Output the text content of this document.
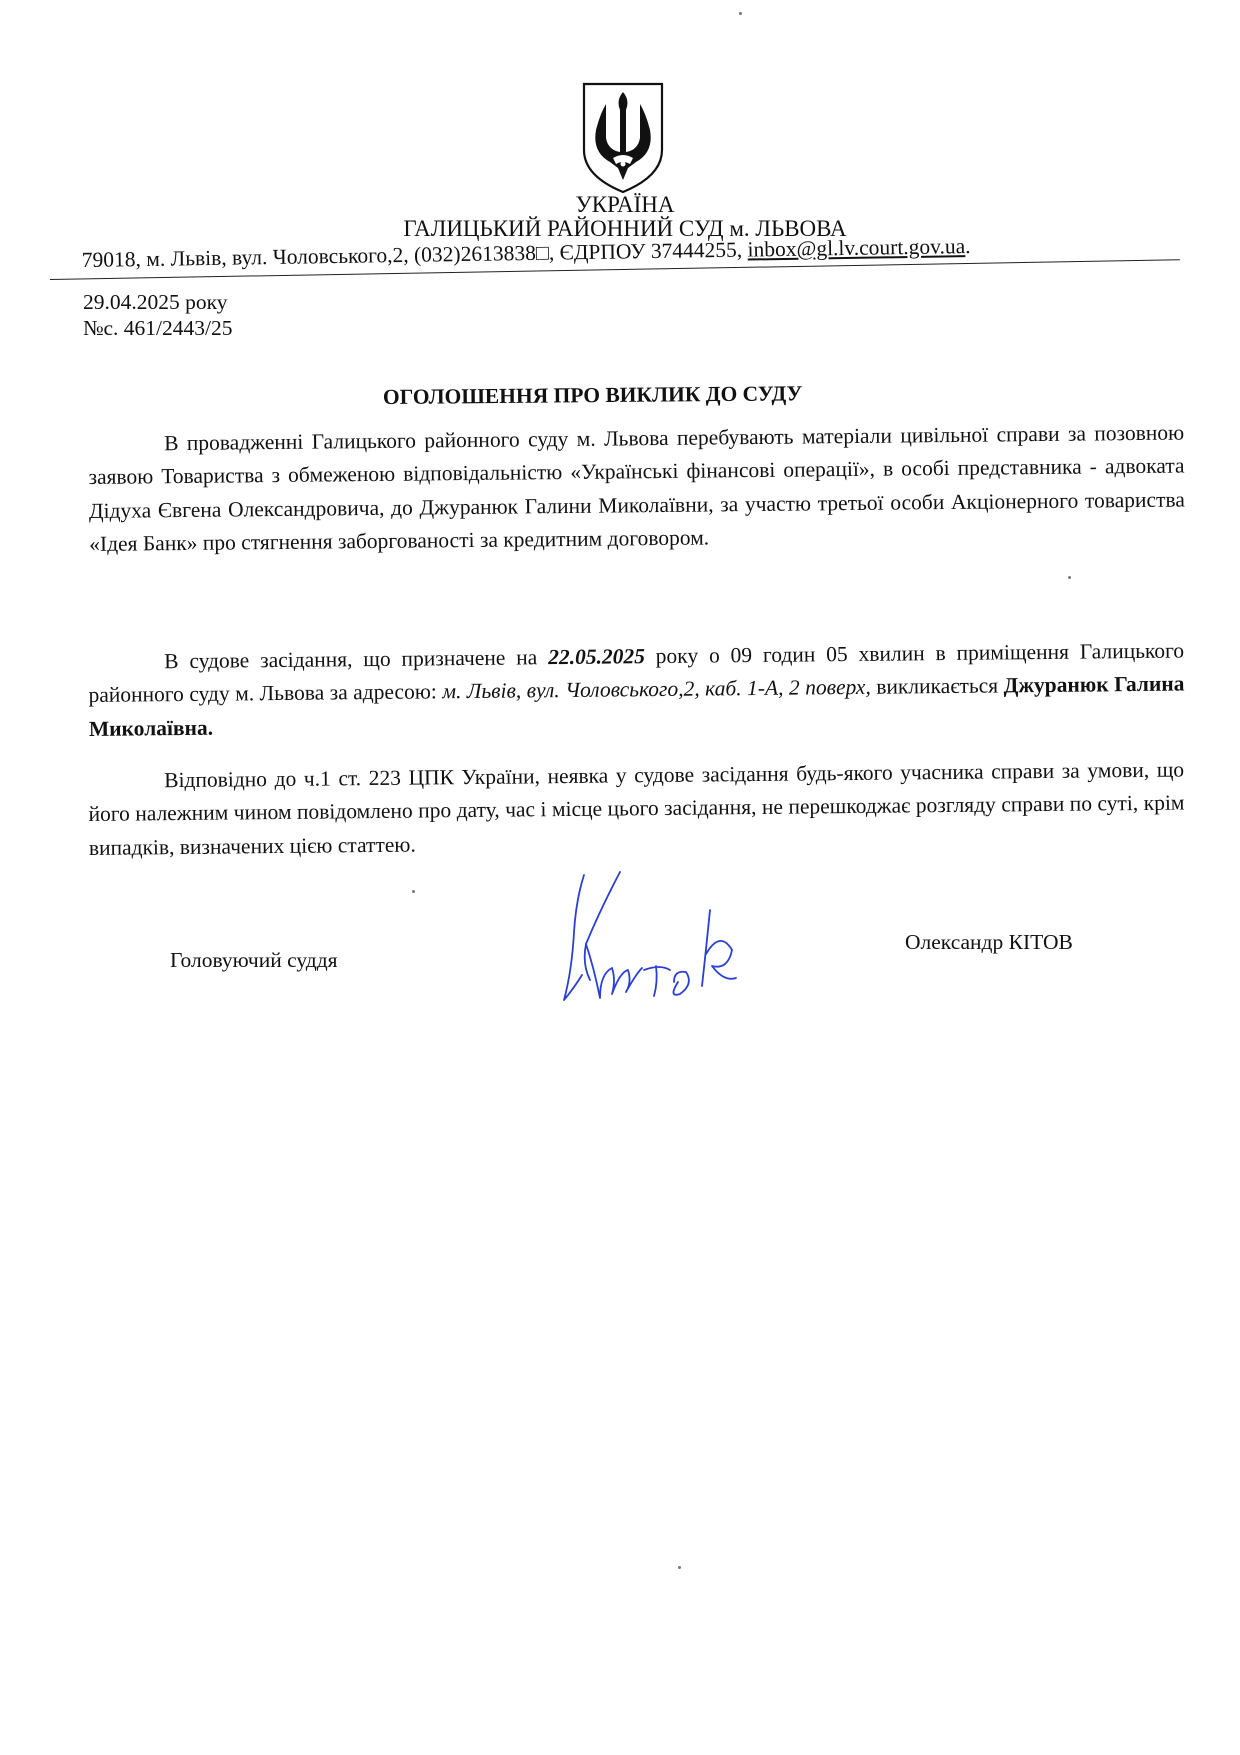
УКРАЇНА
ГАЛИЦЬКИЙ РАЙОННИЙ СУД м. ЛЬВОВА
79018, м. Львів, вул. Чоловського,2, (032)2613838□, ЄДРПОУ 37444255, inbox@gl.lv.court.gov.ua.
29.04.2025 року
№с. 461/2443/25
ОГОЛОШЕННЯ ПРО ВИКЛИК ДО СУДУ

В провадженні Галицького районного суду м. Львова перебувають матеріали цивільної справи за позовною заявою Товариства з обмеженою відповідальністю «Українські фінансові операції», в особі представника - адвоката Дідуха Євгена Олександровича, до Джуранюк Галини Миколаївни, за участю третьої особи Акціонерного товариства «Ідея Банк» про стягнення заборгованості за кредитним договором.

В судове засідання, що призначене на 22.05.2025 року о 09 годин 05 хвилин в приміщення Галицького районного суду м. Львова за адресою: м. Львів, вул. Чоловського,2, каб. 1-А, 2 поверх, викликається Джуранюк Галина Миколаївна.

Відповідно до ч.1 ст. 223 ЦПК України, неявка у судове засідання будь-якого учасника справи за умови, що його належним чином повідомлено про дату, час і місце цього засідання, не перешкоджає розгляду справи по суті, крім випадків, визначених цією статтею.

Головуючий суддя
Олександр КІТОВ
